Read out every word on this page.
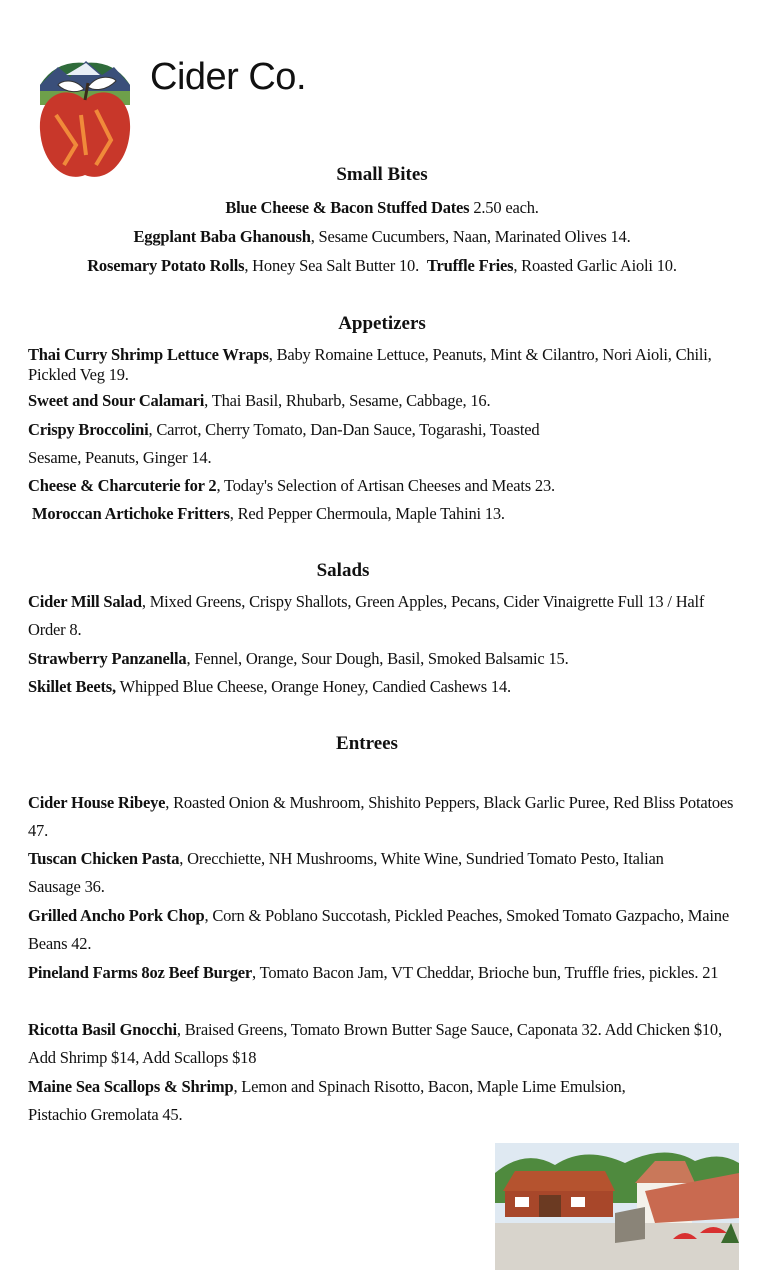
Cider Co.
Small Bites
Blue Cheese & Bacon Stuffed Dates 2.50 each.
Eggplant Baba Ghanoush, Sesame Cucumbers, Naan, Marinated Olives 14.
Rosemary Potato Rolls, Honey Sea Salt Butter 10.  Truffle Fries, Roasted Garlic Aioli 10.
Appetizers
Thai Curry Shrimp Lettuce Wraps, Baby Romaine Lettuce, Peanuts, Mint & Cilantro, Nori Aioli, Chili, Pickled Veg 19.
Sweet and Sour Calamari, Thai Basil, Rhubarb, Sesame, Cabbage, 16.
Crispy Broccolini, Carrot, Cherry Tomato, Dan-Dan Sauce, Togarashi, Toasted Sesame, Peanuts, Ginger 14.
Cheese & Charcuterie for 2, Today's Selection of Artisan Cheeses and Meats 23.
Moroccan Artichoke Fritters, Red Pepper Chermoula, Maple Tahini 13.
Salads
Cider Mill Salad, Mixed Greens, Crispy Shallots, Green Apples, Pecans, Cider Vinaigrette Full 13 / Half Order 8.
Strawberry Panzanella, Fennel, Orange, Sour Dough, Basil, Smoked Balsamic 15.
Skillet Beets, Whipped Blue Cheese, Orange Honey, Candied Cashews 14.
Entrees
Cider House Ribeye, Roasted Onion & Mushroom, Shishito Peppers, Black Garlic Puree, Red Bliss Potatoes 47.
Tuscan Chicken Pasta, Orecchiette, NH Mushrooms, White Wine, Sundried Tomato Pesto, Italian Sausage 36.
Grilled Ancho Pork Chop, Corn & Poblano Succotash, Pickled Peaches, Smoked Tomato Gazpacho, Maine Beans 42.
Pineland Farms 8oz Beef Burger, Tomato Bacon Jam, VT Cheddar, Brioche bun, Truffle fries, pickles. 21
Ricotta Basil Gnocchi, Braised Greens, Tomato Brown Butter Sage Sauce, Caponata 32. Add Chicken $10, Add Shrimp $14, Add Scallops $18
Maine Sea Scallops & Shrimp, Lemon and Spinach Risotto, Bacon, Maple Lime Emulsion, Pistachio Gremolata 45.
